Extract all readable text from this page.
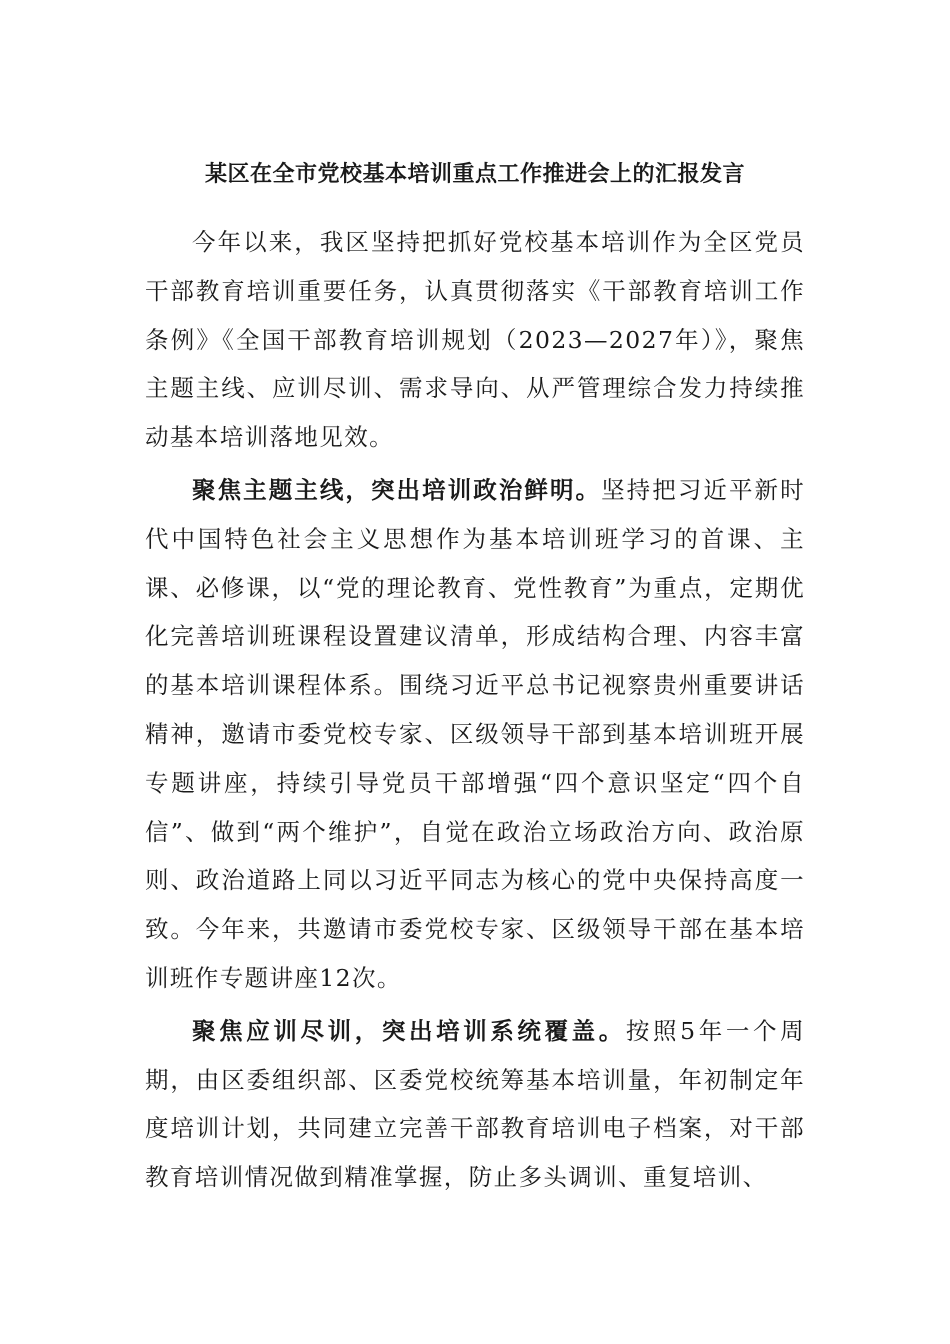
某区在全市党校基本培训重点工作推进会上的汇报发言

今年以来，我区坚持把抓好党校基本培训作为全区党员干部教育培训重要任务，认真贯彻落实《干部教育培训工作条例》《全国干部教育培训规划（2023—2027年）》，聚焦主题主线、应训尽训、需求导向、从严管理综合发力持续推动基本培训落地见效。

聚焦主题主线，突出培训政治鲜明。坚持把习近平新时代中国特色社会主义思想作为基本培训班学习的首课、主课、必修课，以“党的理论教育、党性教育”为重点，定期优化完善培训班课程设置建议清单，形成结构合理、内容丰富的基本培训课程体系。围绕习近平总书记视察贵州重要讲话精神，邀请市委党校专家、区级领导干部到基本培训班开展专题讲座，持续引导党员干部增强“四个意识坚定“四个自信”、做到“两个维护”，自觉在政治立场政治方向、政治原则、政治道路上同以习近平同志为核心的党中央保持高度一致。今年来，共邀请市委党校专家、区级领导干部在基本培训班作专题讲座12次。

聚焦应训尽训，突出培训系统覆盖。按照5年一个周期，由区委组织部、区委党校统筹基本培训量，年初制定年度培训计划，共同建立完善干部教育培训电子档案，对干部教育培训情况做到精准掌握，防止多头调训、重复培训、
